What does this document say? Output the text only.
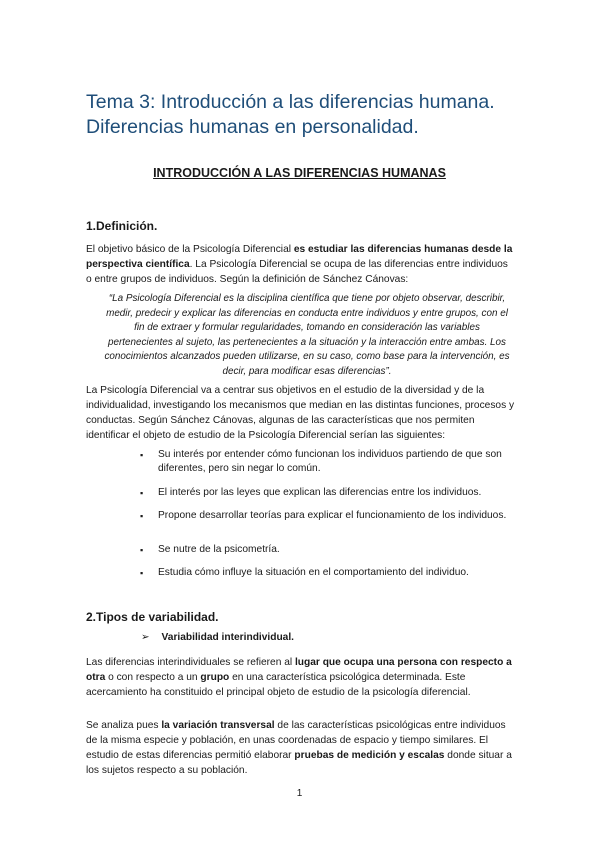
Tema 3: Introducción a las diferencias humana. Diferencias humanas en personalidad.
INTRODUCCIÓN A LAS DIFERENCIAS HUMANAS
1.Definición.

El objetivo básico de la Psicología Diferencial es estudiar las diferencias humanas desde la perspectiva científica. La Psicología Diferencial se ocupa de las diferencias entre individuos o entre grupos de individuos. Según la definición de Sánchez Cánovas:

“La Psicología Diferencial es la disciplina científica que tiene por objeto observar, describir, medir, predecir y explicar las diferencias en conducta entre individuos y entre grupos, con el fin de extraer y formular regularidades, tomando en consideración las variables pertenecientes al sujeto, las pertenecientes a la situación y la interacción entre ambas. Los conocimientos alcanzados pueden utilizarse, en su caso, como base para la intervención, es decir, para modificar esas diferencias”.

La Psicología Diferencial va a centrar sus objetivos en el estudio de la diversidad y de la individualidad, investigando los mecanismos que median en las distintas funciones, procesos y conductas. Según Sánchez Cánovas, algunas de las características que nos permiten identificar el objeto de estudio de la Psicología Diferencial serían las siguientes:

▪ Su interés por entender cómo funcionan los individuos partiendo de que son diferentes, pero sin negar lo común.
▪ El interés por las leyes que explican las diferencias entre los individuos.
▪ Propone desarrollar teorías para explicar el funcionamiento de los individuos.
▪ Se nutre de la psicometría.
▪ Estudia cómo influye la situación en el comportamiento del individuo.
2.Tipos de variabilidad.
➢ Variabilidad interindividual.

Las diferencias interindividuales se refieren al lugar que ocupa una persona con respecto a otra o con respecto a un grupo en una característica psicológica determinada. Este acercamiento ha constituido el principal objeto de estudio de la psicología diferencial.

Se analiza pues la variación transversal de las características psicológicas entre individuos de la misma especie y población, en unas coordenadas de espacio y tiempo similares. El estudio de estas diferencias permitió elaborar pruebas de medición y escalas donde situar a los sujetos respecto a su población.

1
